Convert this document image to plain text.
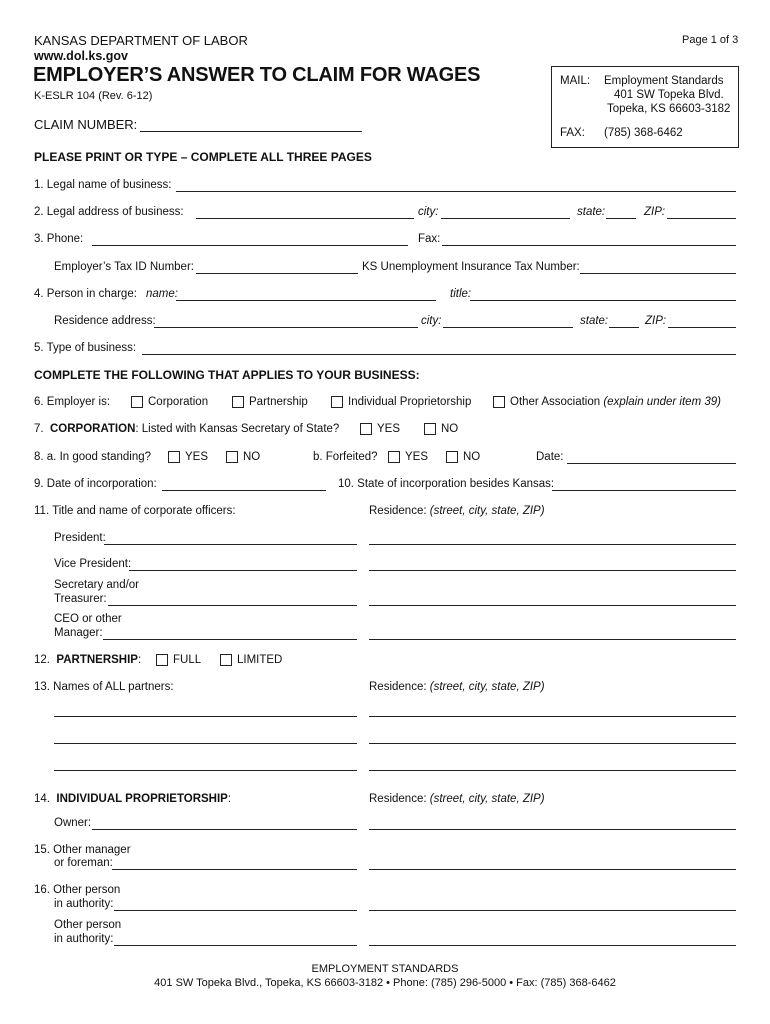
KANSAS DEPARTMENT OF LABOR
www.dol.ks.gov
Page 1 of 3
EMPLOYER’S ANSWER TO CLAIM FOR WAGES
K-ESLR 104 (Rev. 6-12)
CLAIM NUMBER:
MAIL: Employment Standards
401 SW Topeka Blvd.
Topeka, KS 66603-3182
FAX: (785) 368-6462
PLEASE PRINT OR TYPE – COMPLETE ALL THREE PAGES
1. Legal name of business:
2. Legal address of business:	city:	state:	ZIP:
3. Phone:	Fax:
Employer’s Tax ID Number:	KS Unemployment Insurance Tax Number:
4. Person in charge: name:	title:
Residence address:	city:	state:	ZIP:
5. Type of business:
COMPLETE THE FOLLOWING THAT APPLIES TO YOUR BUSINESS:
6. Employer is:	Corporation	Partnership	Individual Proprietorship	Other Association (explain under item 39)
7. CORPORATION: Listed with Kansas Secretary of State?	YES	NO
8. a. In good standing?	YES	NO	b. Forfeited? YES	NO	Date:
9. Date of incorporation:	10. State of incorporation besides Kansas:
11. Title and name of corporate officers:	Residence: (street, city, state, ZIP)
President:
Vice President:
Secretary and/or
Treasurer:
CEO or other
Manager:
12. PARTNERSHIP:	FULL	LIMITED
13. Names of ALL partners:	Residence: (street, city, state, ZIP)
14. INDIVIDUAL PROPRIETORSHIP:	Residence: (street, city, state, ZIP)
Owner:
15. Other manager
or foreman:
16. Other person
in authority:
Other person
in authority:
EMPLOYMENT STANDARDS
401 SW Topeka Blvd., Topeka, KS 66603-3182 • Phone: (785) 296-5000 • Fax: (785) 368-6462
